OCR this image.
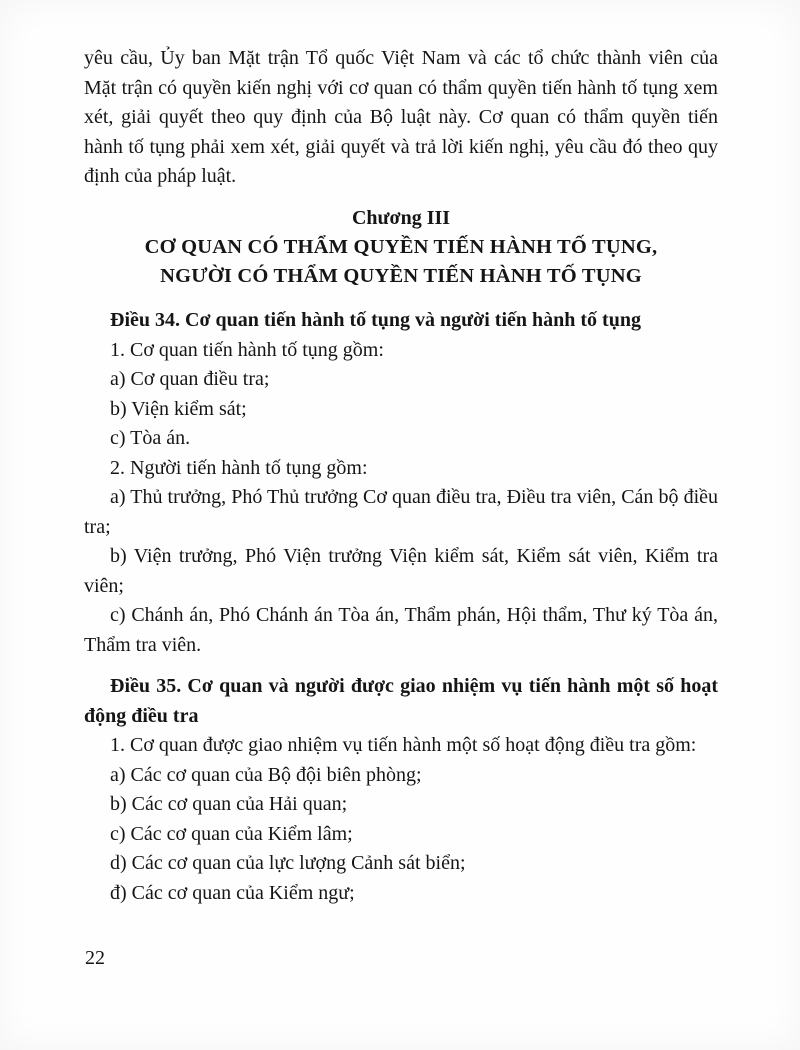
yêu cầu, Ủy ban Mặt trận Tổ quốc Việt Nam và các tổ chức thành viên của Mặt trận có quyền kiến nghị với cơ quan có thẩm quyền tiến hành tố tụng xem xét, giải quyết theo quy định của Bộ luật này. Cơ quan có thẩm quyền tiến hành tố tụng phải xem xét, giải quyết và trả lời kiến nghị, yêu cầu đó theo quy định của pháp luật.

Chương III

CƠ QUAN CÓ THẨM QUYỀN TIẾN HÀNH TỐ TỤNG,

NGƯỜI CÓ THẨM QUYỀN TIẾN HÀNH TỐ TỤNG

Điều 34. Cơ quan tiến hành tố tụng và người tiến hành tố tụng

1. Cơ quan tiến hành tố tụng gồm:

a) Cơ quan điều tra;

b) Viện kiểm sát;

c) Tòa án.

2. Người tiến hành tố tụng gồm:

a) Thủ trưởng, Phó Thủ trưởng Cơ quan điều tra, Điều tra viên, Cán bộ điều tra;

b) Viện trưởng, Phó Viện trưởng Viện kiểm sát, Kiểm sát viên, Kiểm tra viên;

c) Chánh án, Phó Chánh án Tòa án, Thẩm phán, Hội thẩm, Thư ký Tòa án, Thẩm tra viên.

Điều 35. Cơ quan và người được giao nhiệm vụ tiến hành một số hoạt động điều tra

1. Cơ quan được giao nhiệm vụ tiến hành một số hoạt động điều tra gồm:

a) Các cơ quan của Bộ đội biên phòng;

b) Các cơ quan của Hải quan;

c) Các cơ quan của Kiểm lâm;

d) Các cơ quan của lực lượng Cảnh sát biển;

đ) Các cơ quan của Kiểm ngư;

22
